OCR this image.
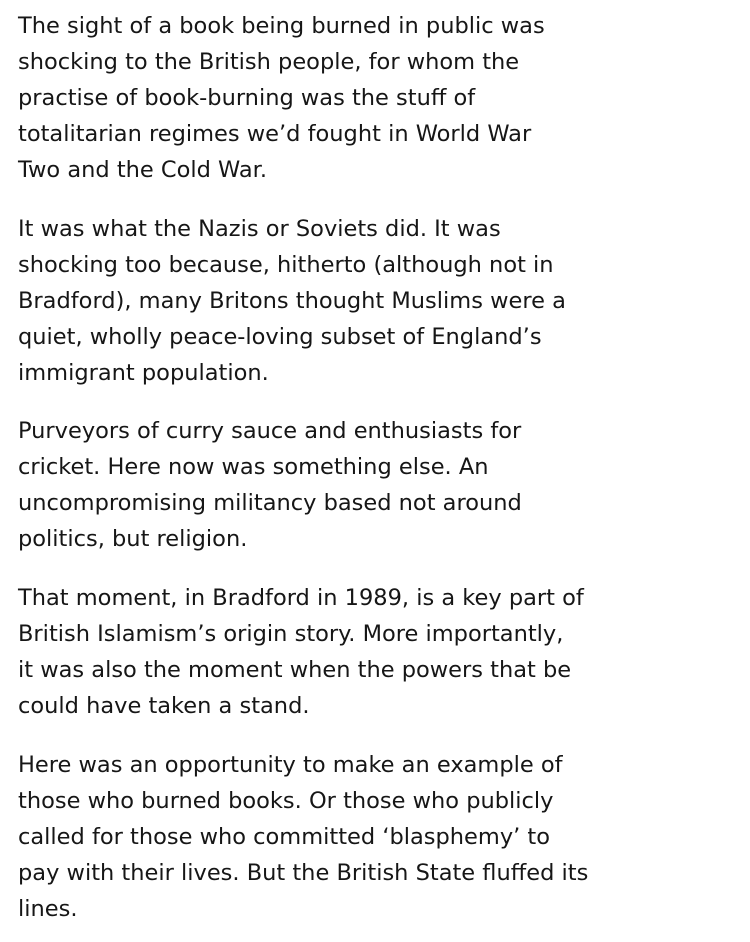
The sight of a book being burned in public was
shocking to the British people, for whom the
practise of book-burning was the stuff of
totalitarian regimes we’d fought in World War
Two and the Cold War.

It was what the Nazis or Soviets did. It was
shocking too because, hitherto (although not in
Bradford), many Britons thought Muslims were a
quiet, wholly peace-loving subset of England’s
immigrant population.

Purveyors of curry sauce and enthusiasts for
cricket. Here now was something else. An
uncompromising militancy based not around
politics, but religion.

That moment, in Bradford in 1989, is a key part of
British Islamism’s origin story. More importantly,
it was also the moment when the powers that be
could have taken a stand.

Here was an opportunity to make an example of
those who burned books. Or those who publicly
called for those who committed ‘blasphemy’ to
pay with their lives. But the British State fluffed its
lines.
